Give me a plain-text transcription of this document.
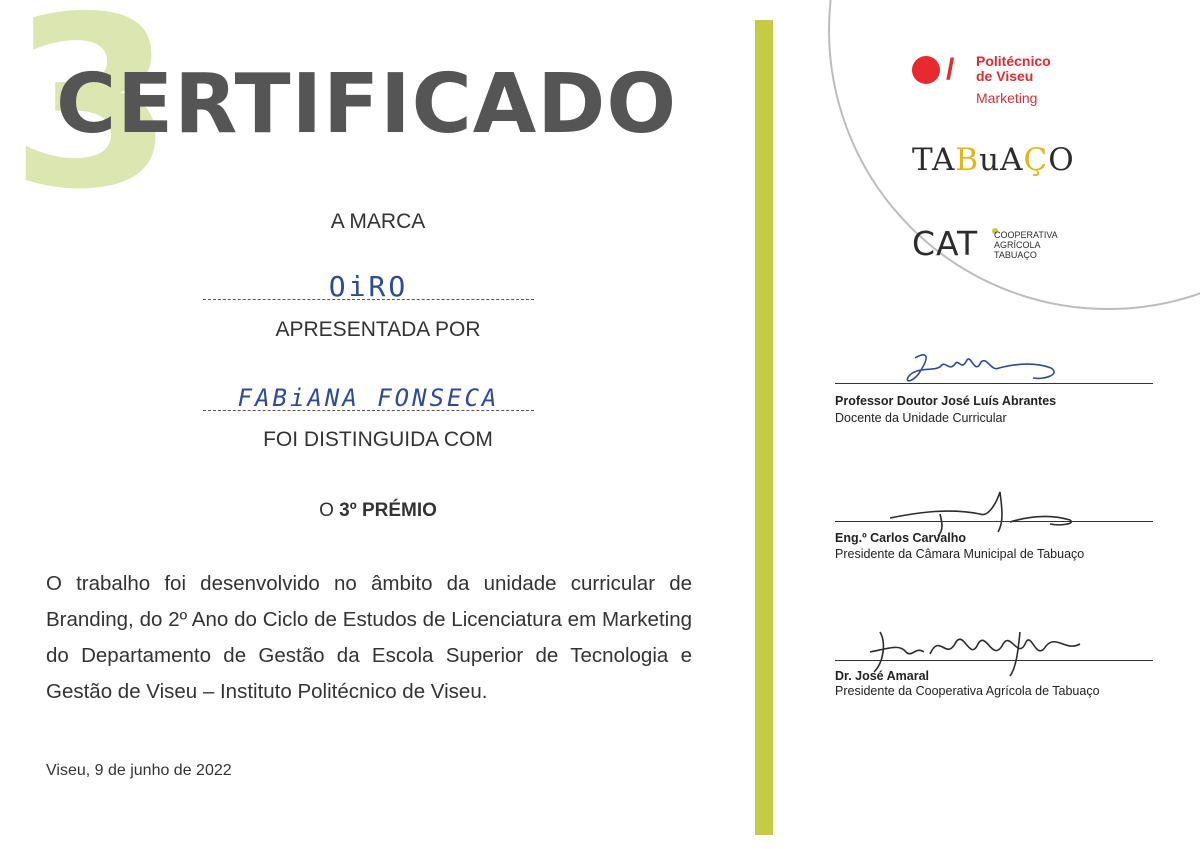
3
CERTIFICADO
A MARCA
OiRO
APRESENTADA POR
FABiANA FONSECA
FOI DISTINGUIDA COM
O 3º PRÉMIO
O trabalho foi desenvolvido no âmbito da unidade curricular de Branding, do 2º Ano do Ciclo de Estudos de Licenciatura em Marketing do Departamento de Gestão da Escola Superior de Tecnologia e Gestão de Viseu – Instituto Politécnico de Viseu.
Viseu, 9 de junho de 2022
/ Politécnico
de Viseu
Marketing
TABuAÇO
CAT COOPERATIVA
AGRÍCOLA
TABUAÇO
Professor Doutor José Luís Abrantes
Docente da Unidade Curricular
Eng.º Carlos Carvalho
Presidente da Câmara Municipal de Tabuaço
Dr. José Amaral
Presidente da Cooperativa Agrícola de Tabuaço
